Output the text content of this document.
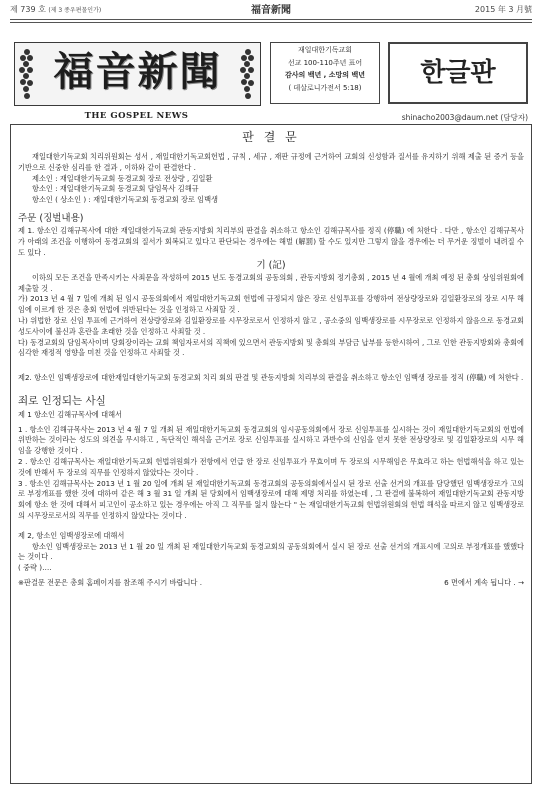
제 739 호 (제 3 종우편물인가)	福音新聞	2015 年 3 月號
福音新聞
THE GOSPEL NEWS
재일대한기독교회
선교 100-110주년 표어
감사의 백년 , 소망의 백년
( 데살로니가전서 5:18)	한글판
shinacho2003@daum.net (담당자)
판 결 문

재일대한기독교회 치리위원회는 성서 , 재일대한기독교회헌법 , 규칙 , 세규 , 재판 규정에 근거하여 교회의 신성함과 질서를 유지하기 위해 제출 된 증거 등을 기반으로 신중한 심리를 한 결과 , 이하와 같이 판결한다 .

제소인 : 재일대한기독교회 동경교회 장로 전상량 , 김일환

항소인 : 재일대한기독교회 동경교회 담임목사 김해규

항소인 ( 상소인 ) : 재일대한기독교회 동경교회 장로 임백생

주문 (징벌내용)

제 1. 항소인 김해규목사에 대한 재일대한기독교회 관동지방회 치리부의 판결을 취소하고 항소인 김해규목사를 정직 (停職) 에 처한다 . 다만 , 항소인 김해규목사가 아래의 조건을 이행하여 동경교회의 질서가 회복되고 있다고 판단되는 경우에는 해벌 (解罰) 할 수도 있지만 그렇지 않을 경우에는 더 무거운 징벌이 내려질 수도 있다 .

기 (記)

이하의 모든 조건을 만족시키는 사죄문을 작성하여 2015 년도 동경교회의 공동의회 , 관동지방회 정기총회 , 2015 년 4 월에 개최 예정 된 총회 상임위원회에 제출할 것 .

가) 2013 년 4 월 7 일에 개최 된 임시 공동의회에서 재일대한기독교회 헌법에 규정되지 않은 장로 신임투표를 강행하여 전상량장로와 김일환장로의 장로 시무 해임에 이르게 한 것은 총회 헌법에 위반된다는 것을 인정하고 사죄할 것 .

나) 위법한 장로 신임 투표에 근거하여 전상량장로와 김일환장로를 시무장로로서 인정하지 않고 , 공소중의 임백생장로를 시무장로로 인정하지 않음으로 동경교회 성도사이에 불신과 혼란을 초래한 것을 인정하고 사죄할 것 .

다) 동경교회의 담임목사이며 당회장이라는 교회 책임자로서의 직책에 있으면서 관동지방회 및 총회의 부담금 납부를 등한시하여 , 그로 인한 관동지방회와 총회에 심각한 재정적 영향을 미친 것을 인정하고 사죄할 것 .

제2. 항소인 임백생장로에 대한재일대한기독교회 동경교회 치리 회의 판결 및 관동지방회 치리부의 판결을 취소하고 항소인 임백생 장로를 정직 (停職) 에 처한다 .

죄로 인정되는 사실

제 1 항소인 김해규목사에 대해서

1 . 항소인 김해규목사는 2013 년 4 월 7 일 개최 된 재일대한기독교회 동경교회의 임시공동의회에서 장로 신임투표를 실시하는 것이 재일대한기독교회의 헌법에 위반하는 것이라는 성도의 의견을 무시하고 , 독단적인 해석을 근거로 장로 신임투표를 실시하고 과반수의 신임을 얻지 못한 전상량장로 및 김일환장로의 시무 해임을 강행한 것이다 .

2 . 항소인 김해규목사는 재일대한기독교회 헌법위원회가 전항에서 언급 한 장로 신임투표가 무효이며 두 장로의 시무해임은 무효라고 하는 헌법해석을 하고 있는 것에 반해서 두 장로의 직무를 인정하지 않았다는 것이다 .

3 . 항소인 김해규목사는 2013 년 1 월 20 일에 개최 된 재일대한기독교회 동경교회의 공동의회에서실시 된 장로 선출 선거의 개표를 담당했던 임백생장로가 고의로 부정개표를 했한 것에 대하여 같은 해 3 월 31 일 개최 된 당회에서 임백생장로에 대해 제명 처리를 하였는데 , 그 판결에 불복하여 재일대한기독교회 관동지방회에 항소 한 것에 대해서 피고인이 공소하고 있는 경우에는 아직 그 직무를 잃지 않는다 " 는 재일대한기독교회 헌법위원회의 헌법 해석을 따르지 않고 임백생장로의 시무장로로서의 직무를 인정하지 않았다는 것이다 .

제 2, 항소인 임백생장로에 대해서

항소인 임백생장로는 2013 년 1 월 20 일 개최 된 재일대한기독교회 동경교회의 공동의회에서 실시 된 장로 선출 선거의 개표시에 고의로 부정개표를 했했다는 것이다 .

( 중략 )….

※판결문 전문은 총회 홈페이지를 참조해 주시기 바랍니다 .	6 면에서 계속 됩니다 . →
